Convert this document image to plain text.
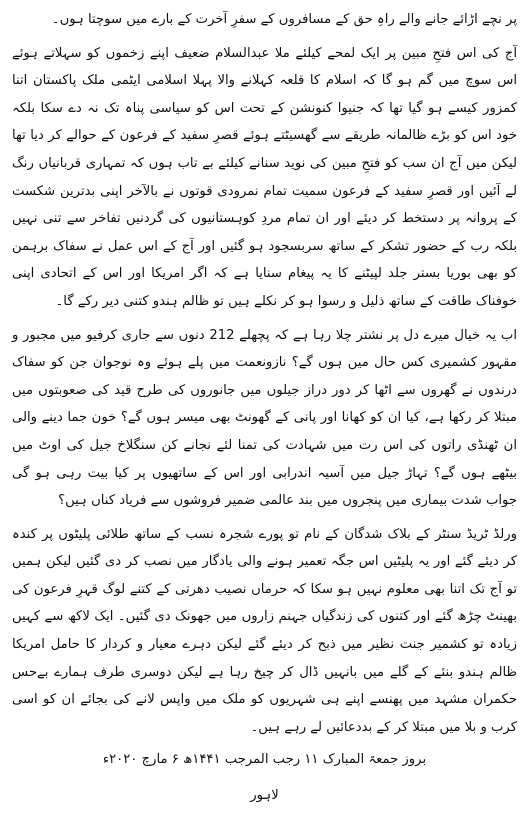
پر نچے اڑائے جانے والے راہِ حق کے مسافروں کے سفرِ آخرت کے بارے میں سوچتا ہوں۔

آج کی اس فتحِ مبین پر ایک لمحے کیلئے ملا عبدالسلام ضعیف اپنے زخموں کو سہلاتے ہوئے اس سوچ میں گم ہو گا کہ اسلام کا قلعہ کہلانے والا پہلا اسلامی ایٹمی ملک پاکستان اتنا کمزور کیسے ہو گیا تھا کہ جنیوا کنونشن کے تحت اس کو سیاسی پناہ تک نہ دے سکا بلکہ خود اس کو بڑے ظالمانہ طریقے سے گھسیٹتے ہوئے قصرِ سفید کے فرعون کے حوالے کر دیا تھا لیکن میں آج ان سب کو فتحِ مبین کی نوید سنانے کیلئے بے تاب ہوں کہ تمہاری قربانیاں رنگ لے آئیں اور قصرِ سفید کے فرعون سمیت تمام نمرودی قوتوں نے بالآخر اپنی بدترین شکست کے پروانہ پر دستخط کر دیئے اور ان تمام مردِ کوہستانیوں کی گردنیں تفاخر سے تنی نہیں بلکہ رب کے حضور تشکر کے ساتھ سربسجود ہو گئیں اور آج کے اس عمل نے سفاک برہمن کو بھی بوریا بستر جلد لپیٹنے کا یہ پیغام سنایا ہے کہ اگر امریکا اور اس کے اتحادی اپنی خوفناک طاقت کے ساتھ ذلیل و رسوا ہو کر نکلے ہیں تو ظالم ہندو کتنی دیر رکے گا۔

اب یہ خیال میرے دل پر نشتر چلا رہا ہے کہ پچھلے 212 دنوں سے جاری کرفیو میں مجبور و مقہور کشمیری کس حال میں ہوں گے؟ نازونعمت میں پلے ہوئے وہ نوجوان جن کو سفاک درندوں نے گھروں سے اٹھا کر دور دراز جیلوں میں جانوروں کی طرح قید کی صعوبتوں میں مبتلا کر رکھا ہے، کیا ان کو کھانا اور پانی کے گھونٹ بھی میسر ہوں گے؟ خون جما دینے والی ان ٹھنڈی راتوں کی اس رت میں شہادت کی تمنا لئے نجانے کن سنگلاخ جیل کی اوٹ میں بیٹھے ہوں گے؟ تہاڑ جیل میں آسیہ اندرابی اور اس کے ساتھیوں پر کیا بیت رہی ہو گی جواب شدت بیماری میں پنجروں میں بند عالمی ضمیر فروشوں سے فریاد کناں ہیں؟

ورلڈ ٹریڈ سنٹر کے بلاک شدگان کے نام تو پورے شجرہ نسب کے ساتھ طلائی پلیٹوں پر کندہ کر دیئے گئے اور یہ پلیٹیں اس جگہ تعمیر ہونے والی یادگار میں نصب کر دی گئیں لیکن ہمیں تو آج تک اتنا بھی معلوم نہیں ہو سکا کہ حرماں نصیب دھرتی کے کتنے لوگ قہرِ فرعون کی بھینٹ چڑھ گئے اور کتنوں کی زندگیاں جہنم زاروں میں جھونک دی گئیں۔ ایک لاکھ سے کہیں زیادہ تو کشمیر جنت نظیر میں ذبح کر دیئے گئے لیکن دہرے معیار و کردار کا حامل امریکا ظالم ہندو بنئے کے گلے میں بانہیں ڈال کر چیخ رہا ہے لیکن دوسری طرف ہمارے بےحس حکمران مشہد میں پھنسے اپنے ہی شہریوں کو ملک میں واپس لانے کی بجائے ان کو اسی کرب و بلا میں مبتلا کر کے بددعائیں لے رہے ہیں۔

بروز جمعۃ المبارک ۱۱ رجب المرجب ۱۴۴۱ھ ۶ مارچ ۲۰۲۰ء

لاہور
